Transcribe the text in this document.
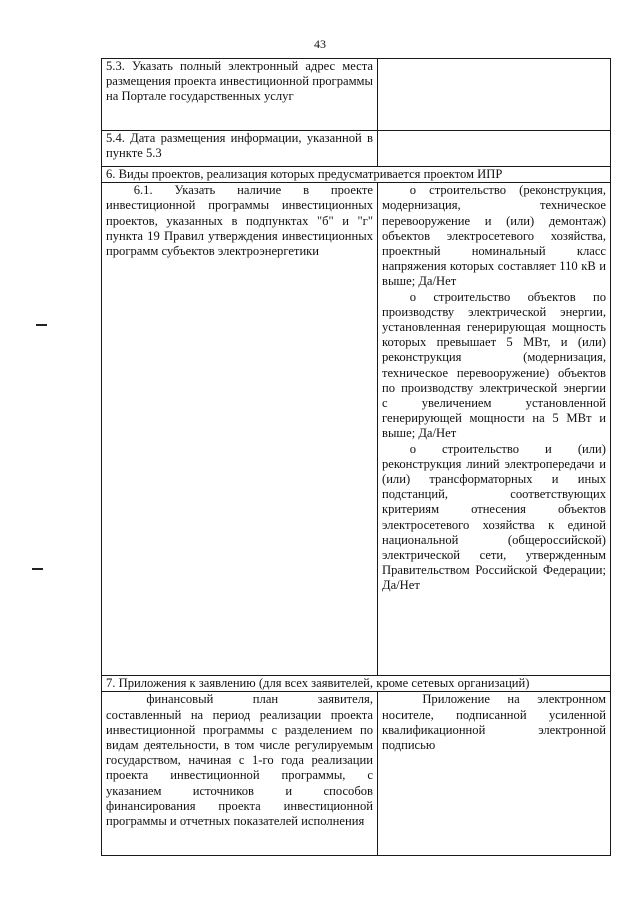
43
5.3. Указать полный электронный адрес места размещения проекта инвестиционной программы на Портале государственных услуг	
5.4. Дата размещения информации, указанной в пункте 5.3	
6. Виды проектов, реализация которых предусматривается проектом ИПР	
6.1. Указать наличие в проекте инвестиционной программы инвестиционных проектов, указанных в подпунктах "б" и "г" пункта 19 Правил утверждения инвестиционных программ субъектов электроэнергетики	о строительство (реконструкция, модернизация, техническое перевооружение и (или) демонтаж) объектов электросетевого хозяйства, проектный номинальный класс напряжения которых составляет 110 кВ и выше; Да/Нет

о строительство объектов по производству электрической энергии, установленная генерирующая мощность которых превышает 5 МВт, и (или) реконструкция (модернизация, техническое перевооружение) объектов по производству электрической энергии с увеличением установленной генерирующей мощности на 5 МВт и выше; Да/Нет

о строительство и (или) реконструкция линий электропередачи и (или) трансформаторных и иных подстанций, соответствующих критериям отнесения объектов электросетевого хозяйства к единой национальной (общероссийской) электрической сети, утвержденным Правительством Российской Федерации; Да/Нет

7. Приложения к заявлению (для всех заявителей, кроме сетевых организаций)	
финансовый план заявителя, составленный на период реализации проекта инвестиционной программы с разделением по видам деятельности, в том числе регулируемым государством, начиная с 1-го года реализации проекта инвестиционной программы, с указанием источников и способов финансирования проекта инвестиционной программы и отчетных показателей исполнения	Приложение на электронном носителе, подписанной усиленной квалификационной электронной подписью
